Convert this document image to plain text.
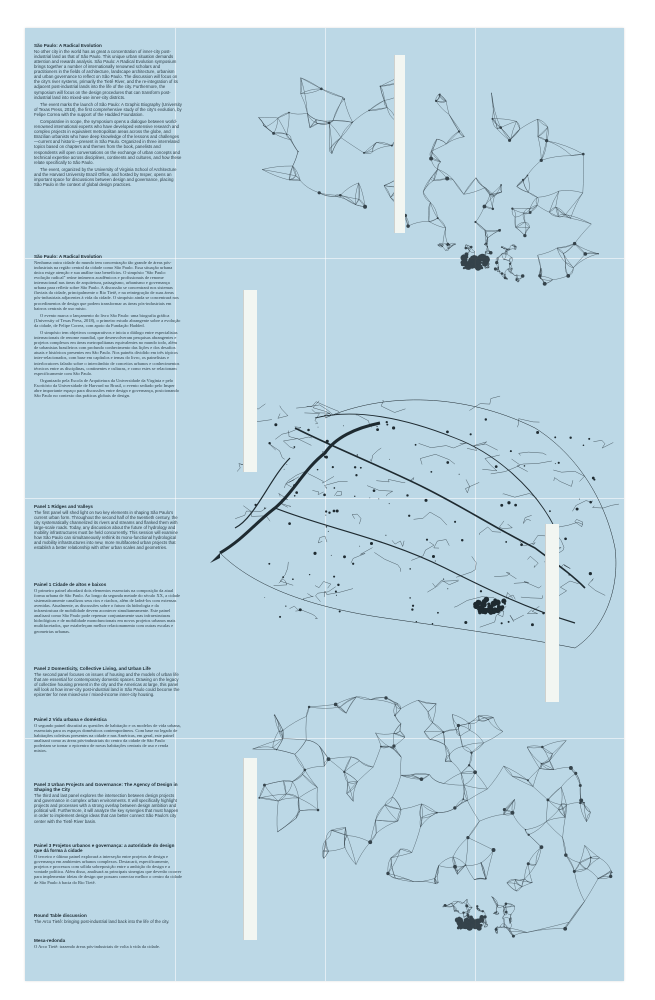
São Paulo: A Radical Evolution

No other city in the world has as great a concentration of inner-city post-industrial land as that of São Paulo. This unique urban situation demands attention and rewards analysis. São Paulo: A Radical Evolution symposium brings together a number of internationally renowned scholars and practitioners in the fields of architecture, landscape architecture, urbanism and urban governance to reflect on São Paulo. The discussion will focus on the city's river systems, primarily the Tietê River, and the re-integration of its adjacent post-industrial lands into the life of the city. Furthermore, the symposium will focus on the design procedures that can transform post-industrial land into mixed-use inner-city districts.

The event marks the launch of São Paulo: A Graphic Biography (University of Texas Press, 2018), the first comprehensive study of the city's evolution, by Felipe Correa with the support of the Hadded Foundation.

Comparative in scope, the symposium opens a dialogue between world-renowned international experts who have developed extensive research and complex projects in equivalent metropolitan areas across the globe, and Brazilian urbanists who have deep knowledge of the lessons and challenges—current and historic—present in São Paulo. Organized in three interrelated topics based on chapters and themes from the book, panelists and respondents will open conversations on the exchange of urban concepts and technical expertise across disciplines, continents and cultures, and how these relate specifically to São Paulo.

The event, organized by the University of Virginia School of Architecture and the Harvard University Brazil Office, and hosted by Insper, opens an important space for discussions between design and governance, placing São Paulo in the context of global design practices.

São Paulo: A Radical Evolution

Nenhuma outra cidade do mundo tem concentração tão grande de áreas pós-industriais na região central da cidade como São Paulo. Essa situação urbana única exige atenção e sua análise traz benefícios. O simpósio "São Paulo: evolução radical" reúne inúmeros acadêmicos e profissionais de renome internacional nas áreas de arquitetura, paisagismo, urbanismo e governança urbana para refletir sobre São Paulo. A discussão se concentrará nos sistemas fluviais da cidade, principalmente o Rio Tietê, e na reintegração de suas áreas pós-industriais adjacentes à vida da cidade. O simpósio ainda se concentrará nos procedimentos de design que podem transformar as áreas pós-industriais em bairros centrais de uso misto.

O evento marca o lançamento do livro São Paulo: uma biografia gráfica (University of Texas Press, 2018), o primeiro estudo abrangente sobre a evolução da cidade, de Felipe Correa, com apoio da Fundação Hadded.

O simpósio tem objetivos comparativos e inicia o diálogo entre especialistas internacionais de renome mundial, que desenvolveram pesquisas abrangentes e projetos complexos em áreas metropolitanas equivalentes no mundo todo, além de urbanistas brasileiros com profundo conhecimento das lições e dos desafios atuais e históricos presentes em São Paulo. Nos painéis dividido em três tópicos inter-relacionados, com base em capítulos e temas do livro, os painelistas e interlocutores falarão sobre o intercâmbio de conceitos urbanos e conhecimentos técnicos entre as disciplinas, continentes e culturas, e como estes se relacionam especificamente com São Paulo.

Organizado pela Escola de Arquitetura da Universidade da Virgínia e pelo Escritório da Universidade de Harvard no Brasil, o evento sediado pelo Insper abre importante espaço para discussões entre design e governança, posicionando São Paulo no contexto das práticas globais de design.

Panel 1 Ridges and Valleys

The first panel will shed light on two key elements in shaping São Paulo's current urban form. Throughout the second half of the twentieth century, the city systematically channelized its rivers and streams and flanked them with large-scale roads. Today, any discussion about the future of hydrology and mobility infrastructures must be held concurrently. This session will examine how São Paulo can simultaneously rethink its mono-functional hydrological and mobility infrastructures into new, more multifaceted urban projects that establish a better relationship with other urban scales and geometries.

Painel 1 Cidade de altos e baixos

O primeiro painel abordará dois elementos essenciais na composição da atual forma urbana de São Paulo. Ao longo da segunda metade do século XX, a cidade sistematicamente canalizou seus rios e riachos, além de ladeá-los com extensas avenidas. Atualmente, as discussões sobre o futuro da hidrologia e da infraestrutura de mobilidade devem acontecer simultaneamente. Este painel analisará como São Paulo pode repensar conjuntamente suas infraestruturas hidrológicas e de mobilidade monofuncionais em novos projetos urbanos mais multifacetados, que estabeleçam melhor relacionamento com outras escalas e geometrias urbanas.

Panel 2 Domesticity, Collective Living, and Urban Life

The second panel focuses on issues of housing and the models of urban life that are essential for contemporary domestic spaces. Drawing on the legacy of collective housing present in the city and the Americas at large, this panel will look at how inner-city post-industrial land in São Paulo could become the epicenter for new mixed-use / mixed-income inner-city housing.

Painel 2 Vida urbana e doméstica

O segundo painel discutirá as questões de habitação e os modelos de vida urbana, essenciais para os espaços domésticos contemporâneos. Com base no legado de habitações coletivas presentes na cidade e nas Américas, em geral, este painel analisará como as áreas pós-industriais do centro da cidade de São Paulo poderiam se tornar o epicentro de novas habitações centrais de uso e renda mistos.

Panel 3 Urban Projects and Governance: The Agency of Design in Shaping the City

The third and last panel explores the intersection between design projects and governance in complex urban environments. It will specifically highlight projects and processes with a strong overlap between design ambition and political will. Furthermore, it will analyze the key synergies that must happen in order to implement design ideas that can better connect São Paulo's city center with the Tietê River basin.

Painel 3 Projetos urbanos e governança: a autoridade do design que dá forma à cidade

O terceiro e último painel explorará a interseção entre projetos de design e governança em ambientes urbanos complexos. Destacará, especificamente, projetos e processos com sólida sobreposição entre a ambição do design e a vontade política. Além disso, analisará as principais sinergias que deverão ocorrer para implementar ideias de design que possam conectar melhor o centro da cidade de São Paulo à bacia do Rio Tietê.

Round Table discussion

The Arco Tietê: bringing post-industrial land back into the life of the city.

Mesa-redonda

O Arco Tietê: trazendo áreas pós-industriais de volta à vida da cidade.
